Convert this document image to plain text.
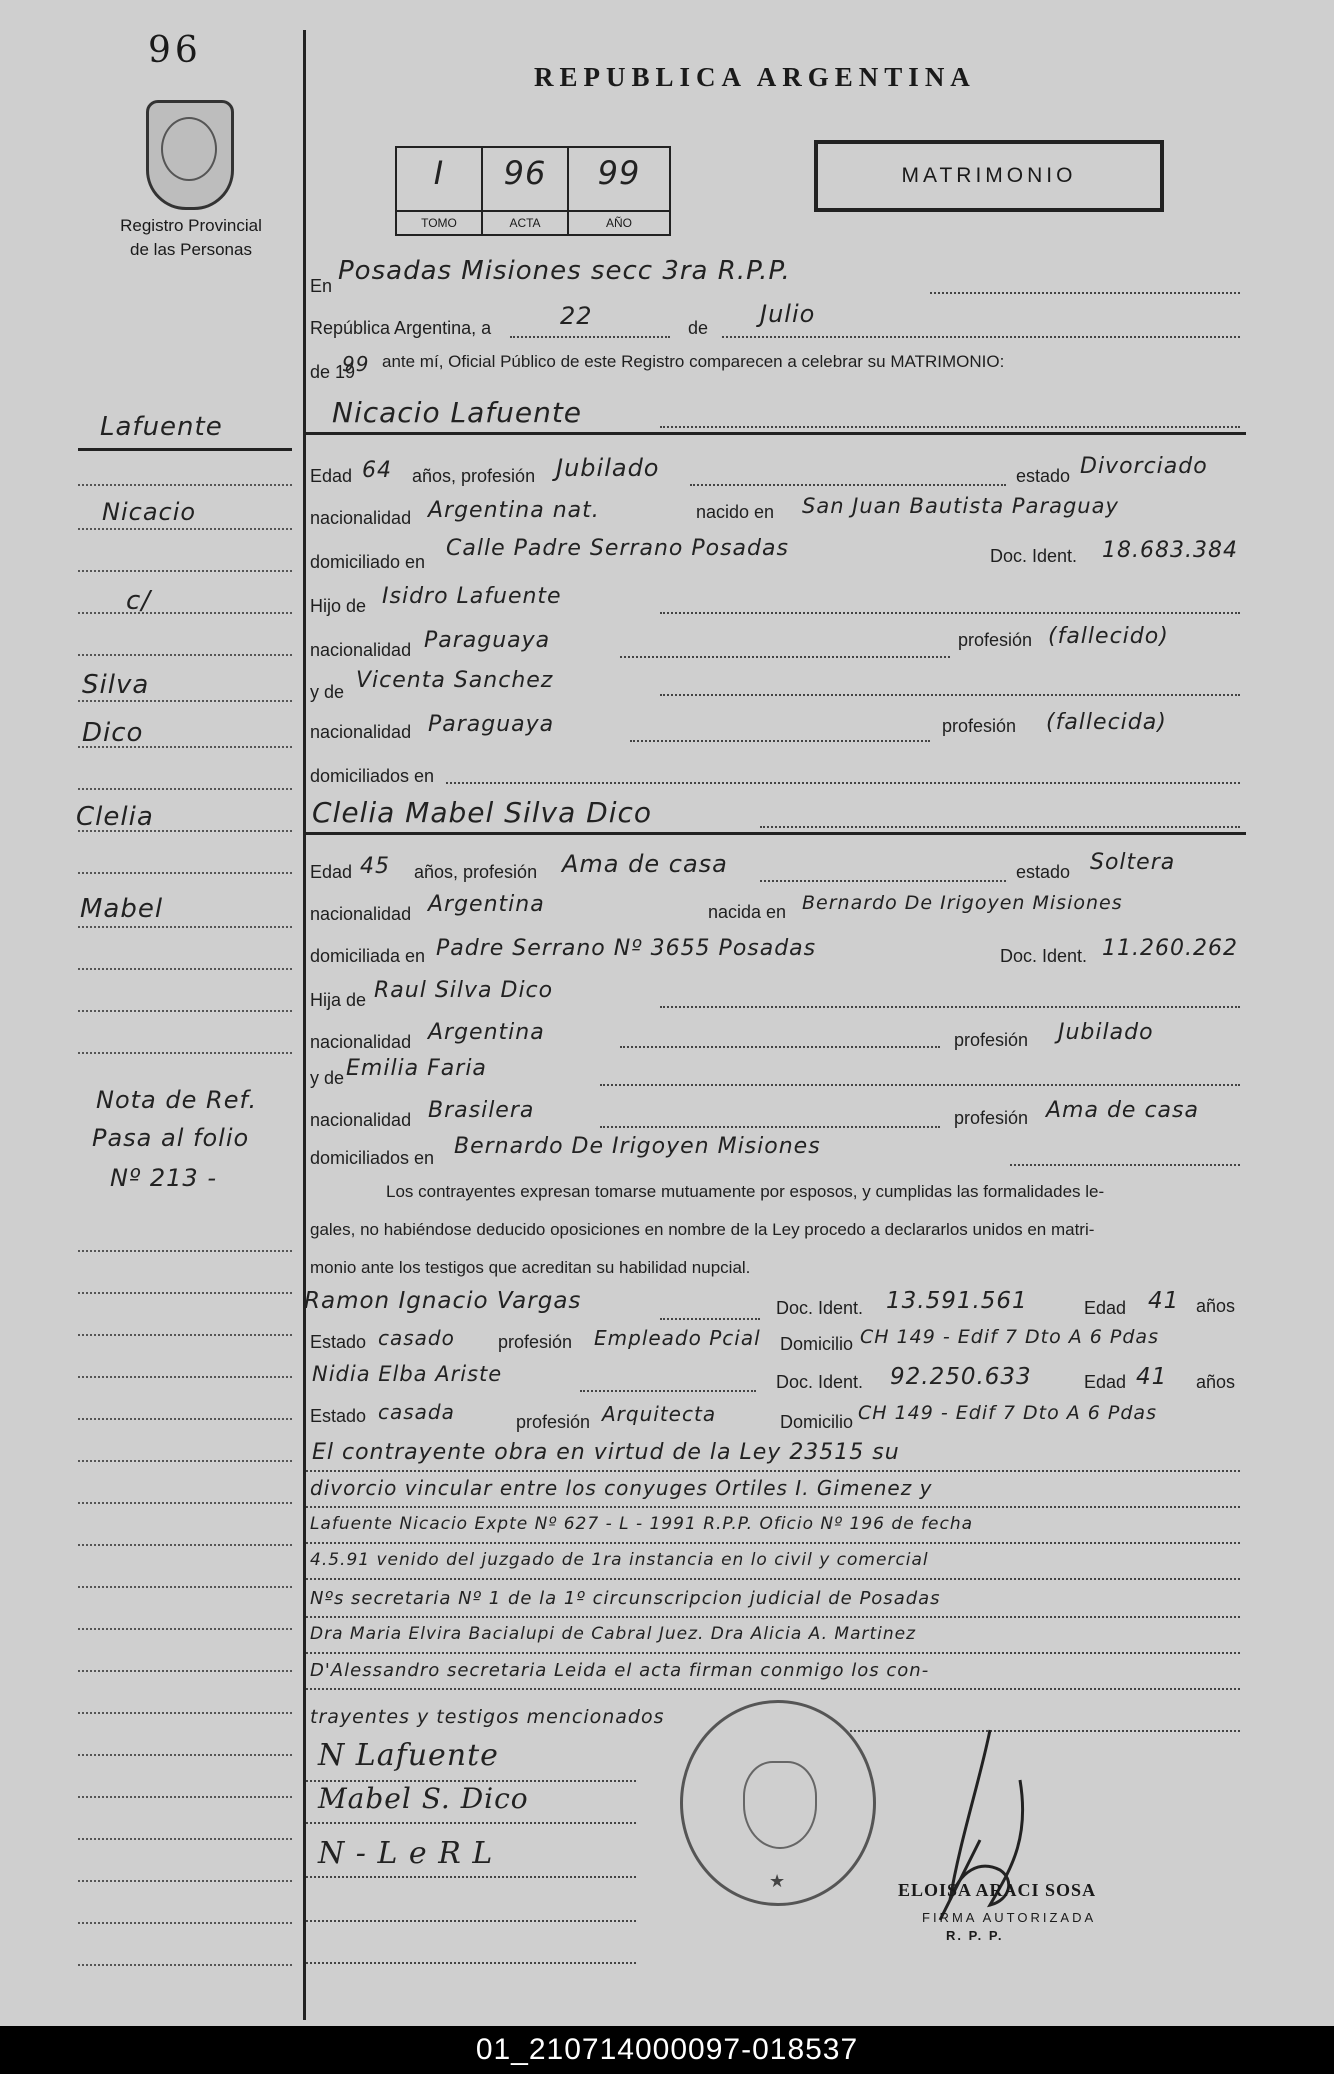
96
Registro Provincial
de las Personas
REPUBLICA ARGENTINA
I
TOMO
96
ACTA
99
AÑO
MATRIMONIO
Lafuente
Nicacio
c/
Silva
Dico
Clelia
Mabel
Nota de Ref.
Pasa al folio
Nº 213 -
En Posadas Misiones secc 3ra R.P.P.
República Argentina, a	22	de Julio
de 19
99 ante mí, Oficial Público de este Registro comparecen a celebrar su MATRIMONIO:
Nicacio Lafuente
Edad 64 años, profesión Jubilado	estado Divorciado
nacionalidad Argentina nat.	nacido en San Juan Bautista Paraguay
domiciliado en
Calle Padre Serrano Posadas	Doc. Ident. 18.683.384
Hijo de Isidro Lafuente
nacionalidad Paraguaya	profesión (fallecido)
y de Vicenta Sanchez
nacionalidad Paraguaya	profesión (fallecida)
domiciliados en
Clelia Mabel Silva Dico
Edad 45 años, profesión Ama de casa	estado Soltera
nacionalidad Argentina	nacida en Bernardo De Irigoyen Misiones
domiciliada en Padre Serrano Nº 3655 Posadas	Doc. Ident. 11.260.262
Hija de Raul Silva Dico
nacionalidad Argentina	profesión Jubilado
y de Emilia Faria
nacionalidad Brasilera	profesión Ama de casa
domiciliados en Bernardo De Irigoyen Misiones
Los contrayentes expresan tomarse mutuamente por esposos, y cumplidas las formalidades le-
gales, no habiéndose deducido oposiciones en nombre de la Ley procedo a declararlos unidos en matri-
monio ante los testigos que acreditan su habilidad nupcial.
Ramon Ignacio Vargas	Doc. Ident. 13.591.561	Edad 41 años
Estado casado profesión Empleado Pcial Domicilio CH 149 - Edif 7 Dto A 6 Pdas
Nidia Elba Ariste	Doc. Ident. 92.250.633	Edad 41 años
Estado casada	profesión Arquitecta	Domicilio CH 149 - Edif 7 Dto A 6 Pdas
El contrayente obra en virtud de la Ley 23515 su
divorcio vincular entre los conyuges Ortiles I. Gimenez y
Lafuente Nicacio Expte Nº 627 - L - 1991 R.P.P. Oficio Nº 196 de fecha
4.5.91 venido del juzgado de 1ra instancia en lo civil y comercial
Nºs secretaria Nº 1 de la 1º circunscripcion judicial de Posadas
Dra Maria Elvira Bacialupi de Cabral Juez. Dra Alicia A. Martinez
D'Alessandro secretaria Leida el acta firman conmigo los con-
trayentes y testigos mencionados
N Lafuente
Mabel S. Dico
N - L e R L
★	ELOISA ARACI SOSA
FIRMA AUTORIZADA
R. P. P.
01_210714000097-018537
